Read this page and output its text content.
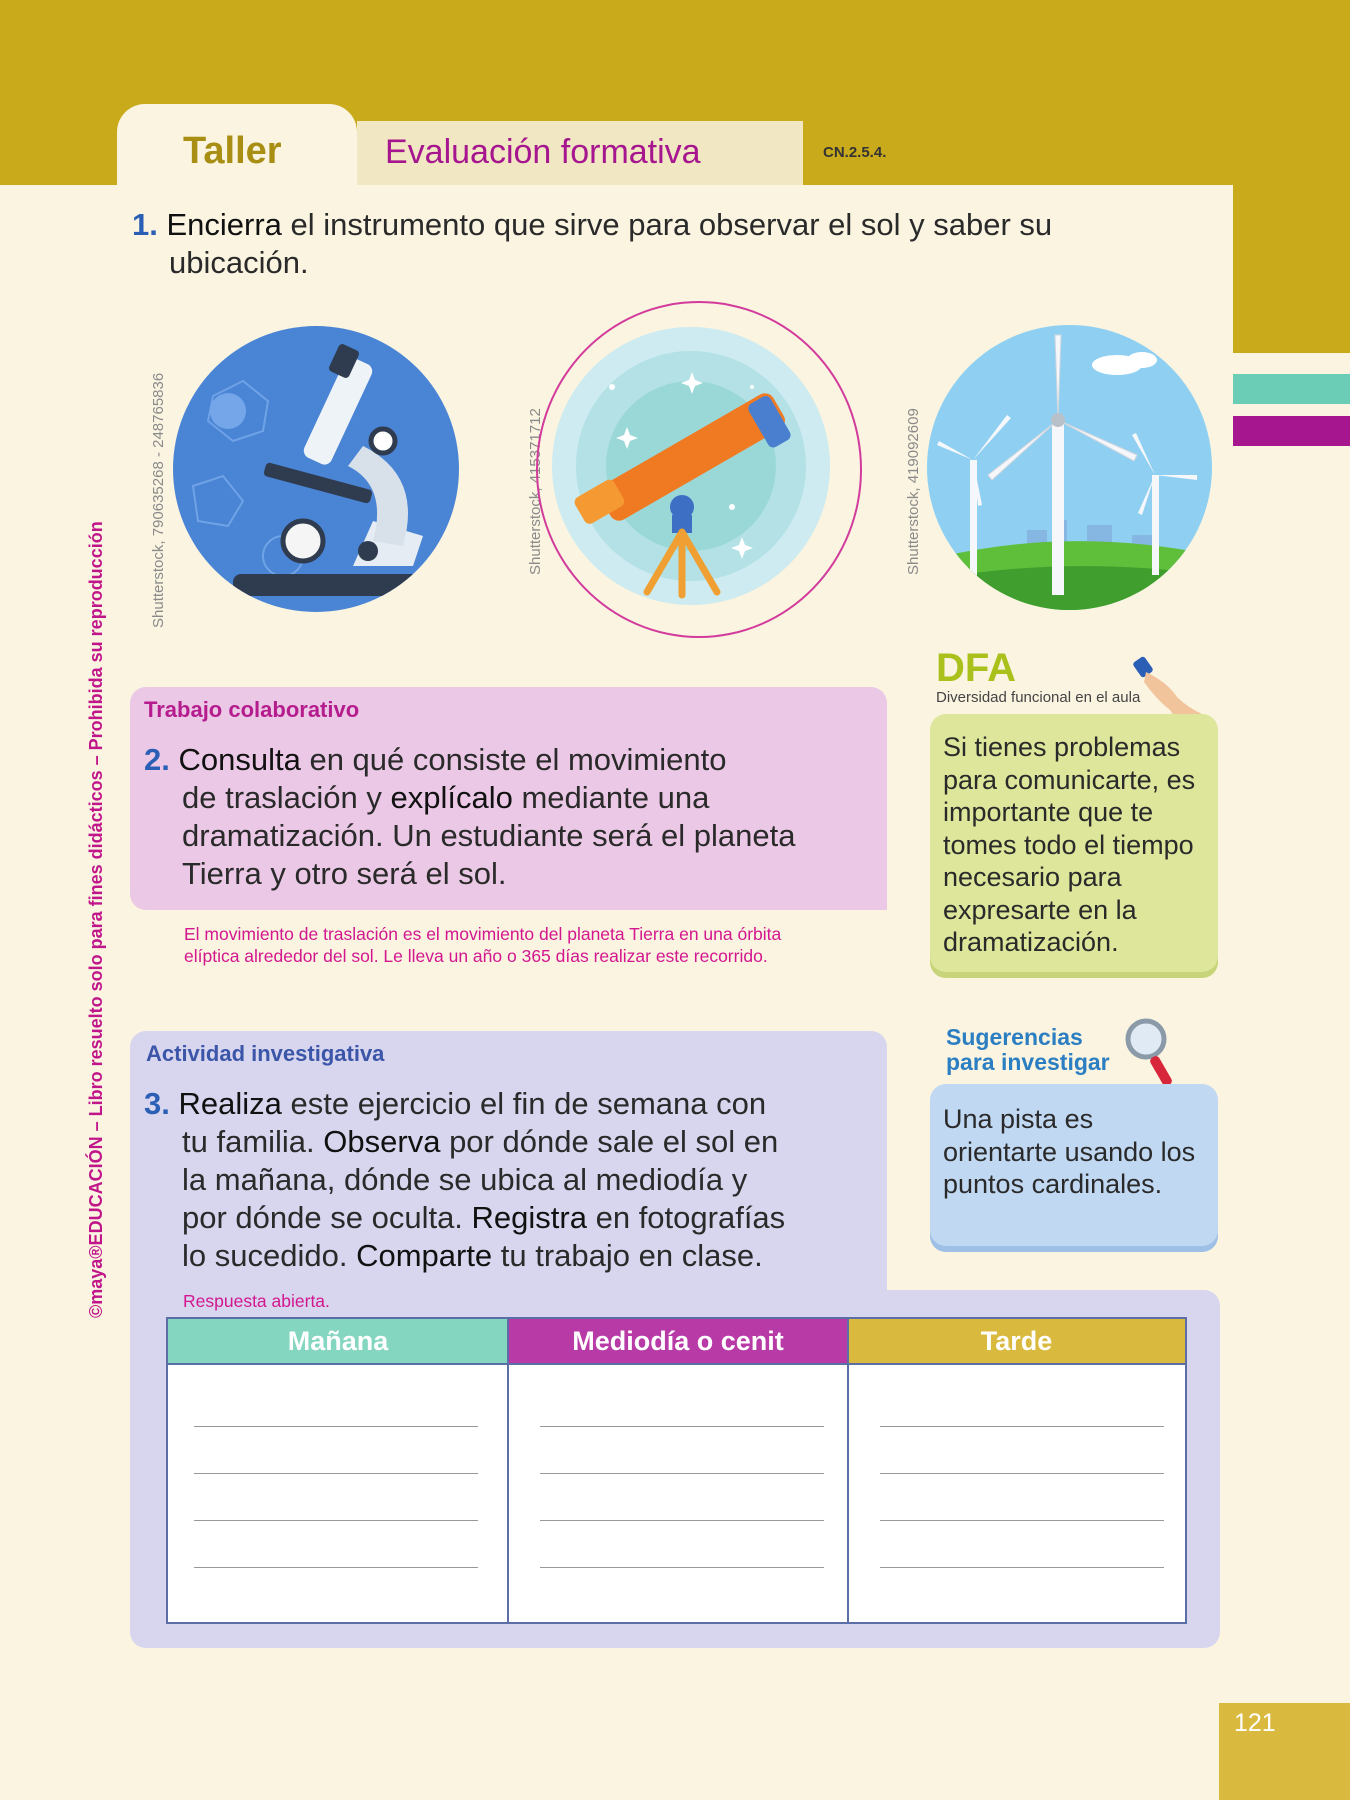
Taller	Evaluación formativa	CN.2.5.4.
1. Encierra el instrumento que sirve para observar el sol y saber su
ubicación.
Shutterstock, 790635268 - 248765836	Shutterstock, 415371712	Shutterstock, 419092609
©maya®EDUCACIÓN – Libro resuelto solo para fines didácticos – Prohibida su reproducción Trabajo colaborativo
2. Consulta en qué consiste el movimiento
de traslación y explícalo mediante una
dramatización. Un estudiante será el planeta
Tierra y otro será el sol.
El movimiento de traslación es el movimiento del planeta Tierra en una órbita
elíptica alrededor del sol. Le lleva un año o 365 días realizar este recorrido.
DFA
Diversidad funcional en el aula
Si tienes problemas para comunicarte, es importante que te tomes todo el tiempo necesario para expresarte en la dramatización.
Actividad investigativa
3. Realiza este ejercicio el fin de semana con
tu familia. Observa por dónde sale el sol en
la mañana, dónde se ubica al mediodía y
por dónde se oculta. Registra en fotografías
lo sucedido. Comparte tu trabajo en clase.
Respuesta abierta.
Sugerencias
para investigar
Una pista es orientarte usando los puntos cardinales.
Mañana	Mediodía o cenit	Tarde
121
